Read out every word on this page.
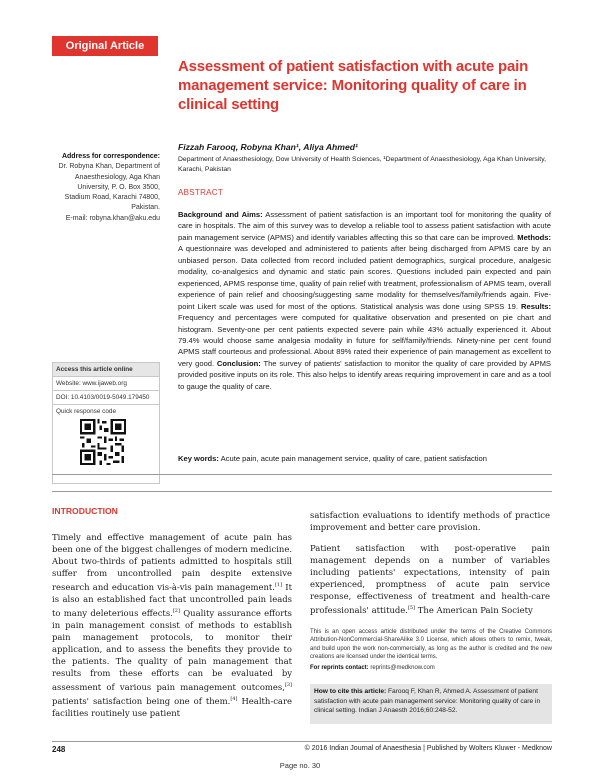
Original Article
Assessment of patient satisfaction with acute pain management service: Monitoring quality of care in clinical setting
Address for correspondence:
Dr. Robyna Khan, Department of Anaesthesiology, Aga Khan University, P. O. Box 3500, Stadium Road, Karachi 74800, Pakistan.
E-mail: robyna.khan@aku.edu
Access this article online
Website: www.ijaweb.org
DOI: 10.4103/0019-5049.179450
Quick response code
Fizzah Farooq, Robyna Khan¹, Aliya Ahmed¹
Department of Anaesthesiology, Dow University of Health Sciences, ¹Department of Anaesthesiology, Aga Khan University, Karachi, Pakistan
ABSTRACT
Background and Aims: Assessment of patient satisfaction is an important tool for monitoring the quality of care in hospitals. The aim of this survey was to develop a reliable tool to assess patient satisfaction with acute pain management service (APMS) and identify variables affecting this so that care can be improved. Methods: A questionnaire was developed and administered to patients after being discharged from APMS care by an unbiased person. Data collected from record included patient demographics, surgical procedure, analgesic modality, co-analgesics and dynamic and static pain scores. Questions included pain expected and pain experienced, APMS response time, quality of pain relief with treatment, professionalism of APMS team, overall experience of pain relief and choosing/suggesting same modality for themselves/family/friends again. Five-point Likert scale was used for most of the options. Statistical analysis was done using SPSS 19. Results: Frequency and percentages were computed for qualitative observation and presented on pie chart and histogram. Seventy-one per cent patients expected severe pain while 43% actually experienced it. About 79.4% would choose same analgesia modality in future for self/family/friends. Ninety-nine per cent found APMS staff courteous and professional. About 89% rated their experience of pain management as excellent to very good. Conclusion: The survey of patients' satisfaction to monitor the quality of care provided by APMS provided positive inputs on its role. This also helps to identify areas requiring improvement in care and as a tool to gauge the quality of care.
Key words: Acute pain, acute pain management service, quality of care, patient satisfaction
INTRODUCTION

Timely and effective management of acute pain has been one of the biggest challenges of modern medicine. About two-thirds of patients admitted to hospitals still suffer from uncontrolled pain despite extensive research and education vis-à-vis pain management.[1] It is also an established fact that uncontrolled pain leads to many deleterious effects.[2] Quality assurance efforts in pain management consist of methods to establish pain management protocols, to monitor their application, and to assess the benefits they provide to the patients. The quality of pain management that results from these efforts can be evaluated by assessment of various pain management outcomes,[3] patients' satisfaction being one of them.[4] Health-care facilities routinely use patient

satisfaction evaluations to identify methods of practice improvement and better care provision.

Patient satisfaction with post-operative pain management depends on a number of variables including patients' expectations, intensity of pain experienced, promptness of acute pain service response, effectiveness of treatment and health-care professionals' attitude.[5] The American Pain Society

This is an open access article distributed under the terms of the Creative Commons Attribution-NonCommercial-ShareAlike 3.0 License, which allows others to remix, tweak, and build upon the work non-commercially, as long as the author is credited and the new creations are licensed under the identical terms.
For reprints contact: reprints@medknow.com
How to cite this article: Farooq F, Khan R, Ahmed A. Assessment of patient satisfaction with acute pain management service: Monitoring quality of care in clinical setting. Indian J Anaesth 2016;60:248-52.
248	© 2016 Indian Journal of Anaesthesia | Published by Wolters Kluwer - Medknow
Page no. 30
